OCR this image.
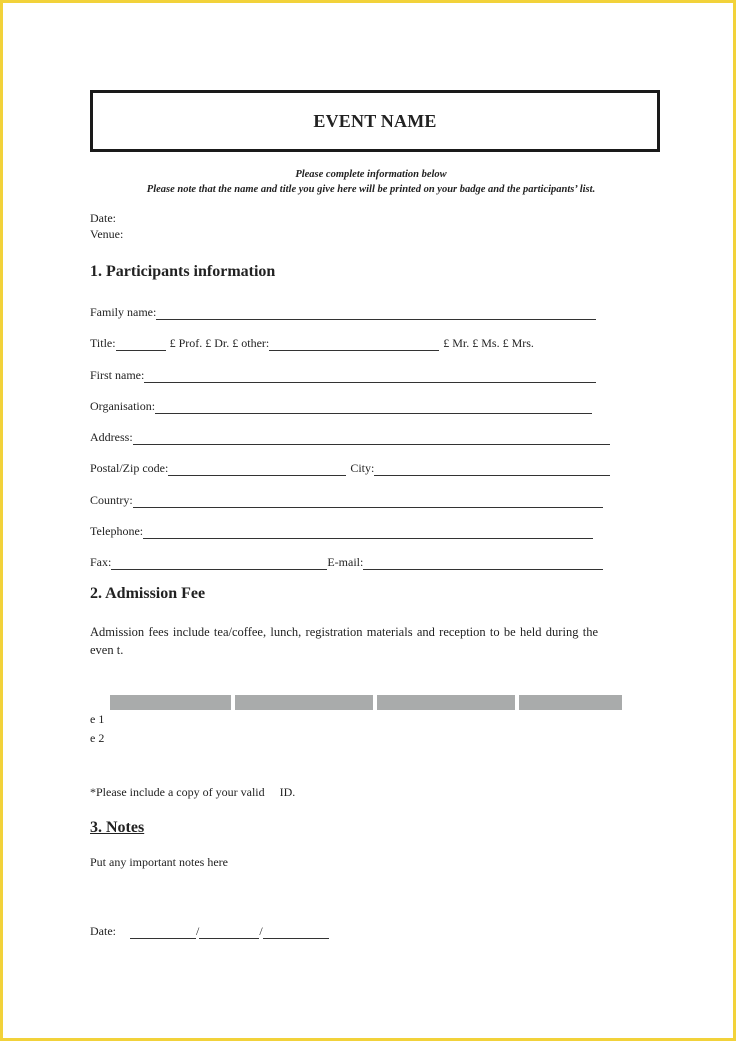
EVENT NAME
Please complete information below
Please note that the name and title you give here will be printed on your badge and the participants’ list.
Date:
Venue:
1. Participants information
Family name:
Title:	£ Prof. £ Dr. £ other:	£ Mr. £ Ms. £ Mrs.
First name:
Organisation:
Address:
Postal/Zip code:	City:
Country:
Telephone:
Fax:	E-mail:
2. Admission Fee
Admission fees include tea/coffee, lunch, registration materials and reception to be held during the even t.
e 1
e 2
*Please include a copy of your valid     ID.
3. Notes
Put any important notes here
Date:	/	/
